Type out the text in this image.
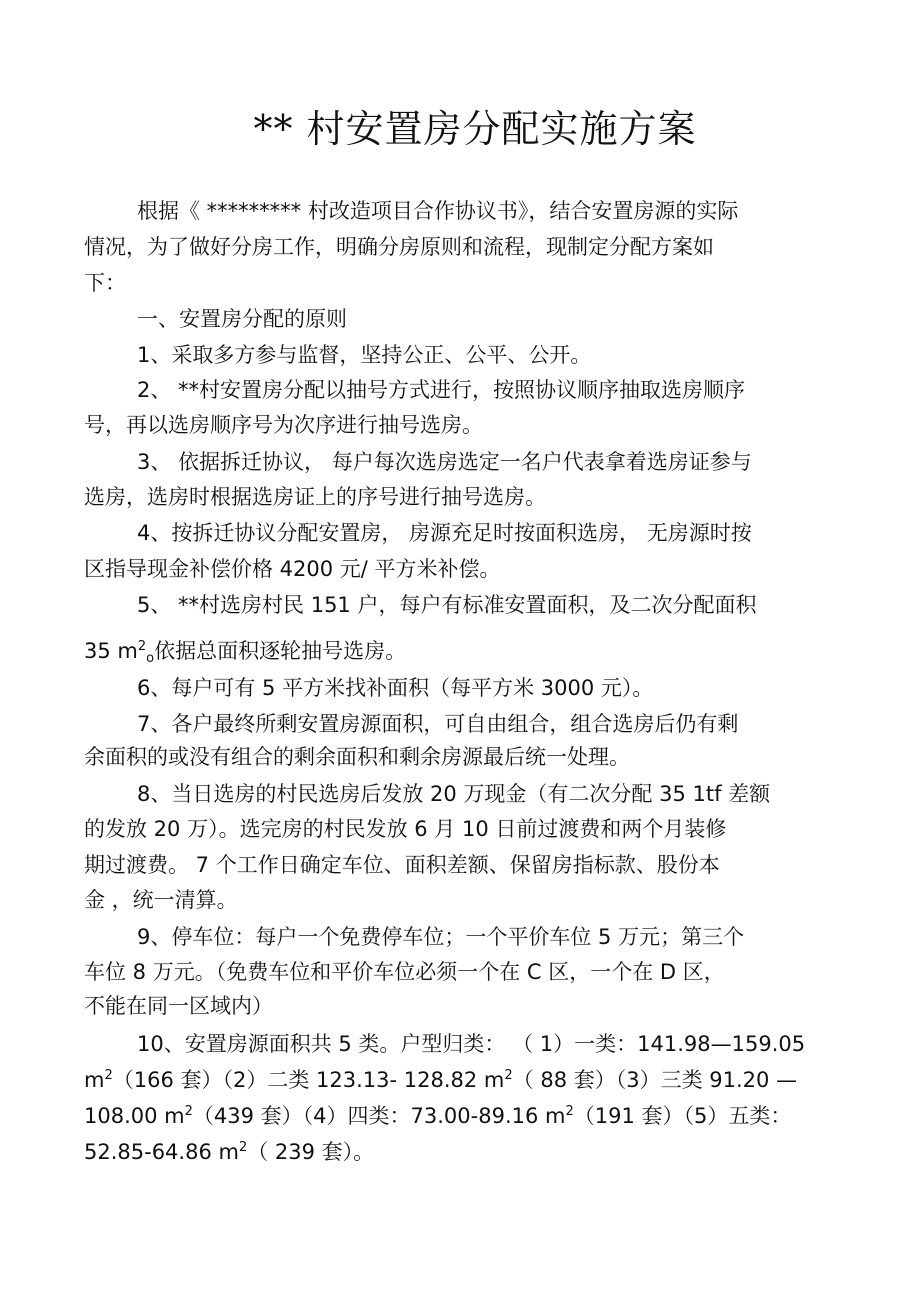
** 村安置房分配实施方案
根据《 ********* 村改造项目合作协议书》，结合安置房源的实际
情况，为了做好分房工作，明确分房原则和流程，现制定分配方案如
下：
一、安置房分配的原则
1、采取多方参与监督，坚持公正、公平、公开。
2、 **村安置房分配以抽号方式进行，按照协议顺序抽取选房顺序
号，再以选房顺序号为次序进行抽号选房。
3、 依据拆迁协议， 每户每次选房选定一名户代表拿着选房证参与
选房，选房时根据选房证上的序号进行抽号选房。
4、按拆迁协议分配安置房， 房源充足时按面积选房， 无房源时按
区指导现金补偿价格 4200 元/ 平方米补偿。
5、 **村选房村民 151 户，每户有标准安置面积，及二次分配面积
35 $m^2o$依据总面积逐轮抽号选房。
6、每户可有 5 平方米找补面积（每平方米 3000 元）。
7、各户最终所剩安置房源面积，可自由组合，组合选房后仍有剩
余面积的或没有组合的剩余面积和剩余房源最后统一处理。
8、当日选房的村民选房后发放 20 万现金（有二次分配 35 1tf 差额
的发放 20 万）。选完房的村民发放 6 月 10 日前过渡费和两个月装修
期过渡费。 7 个工作日确定车位、面积差额、保留房指标款、股份本
金 ，统一清算。
9、停车位：每户一个免费停车位；一个平价车位 5 万元；第三个
车位 8 万元。（免费车位和平价车位必须一个在 C 区，一个在 D 区，
不能在同一区域内）
10、安置房源面积共 5 类。户型归类： （ 1）一类：141.98—159.05
$m^2(166$ 套）（2）二类 123.13- 128.82 $m^2$（ 88 套）（3）三类 91.20 —
108.00 $m^2(439$ 套）（4）四类：73.00-89.16 $m^2(191$ 套）（5）五类：
52.85-64.86 $m^2$（ 239 套）。
